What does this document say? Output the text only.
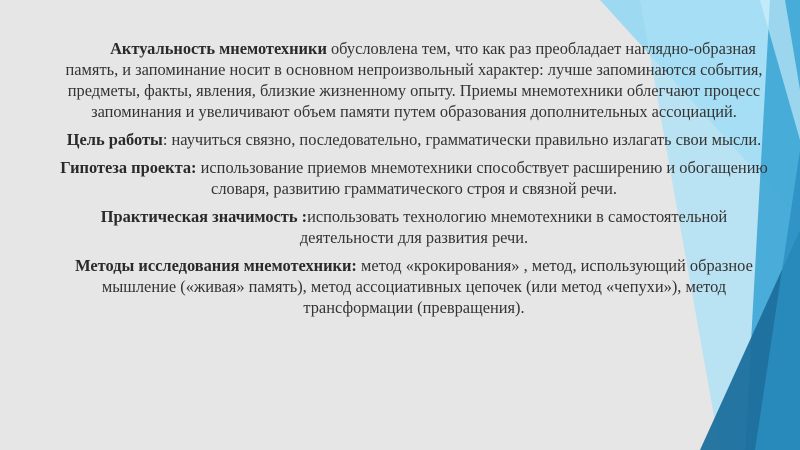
Актуальность мнемотехники обусловлена тем, что как раз преобладает наглядно-образная память, и запоминание носит в основном непроизвольный характер: лучше запоминаются события, предметы, факты, явления, близкие жизненному опыту. Приемы мнемотехники облегчают процесс запоминания и увеличивают объем памяти путем образования дополнительных ассоциаций.

Цель работы: научиться связно, последовательно, грамматически правильно излагать свои мысли.

Гипотеза проекта: использование приемов мнемотехники способствует расширению и обогащению словаря, развитию грамматического строя и связной речи.

Практическая значимость :использовать технологию мнемотехники в самостоятельной деятельности для развития речи.

Методы исследования мнемотехники: метод «крокирования» , метод, использующий образное мышление («живая» память), метод ассоциативных цепочек (или метод «чепухи»), метод трансформации (превращения).
